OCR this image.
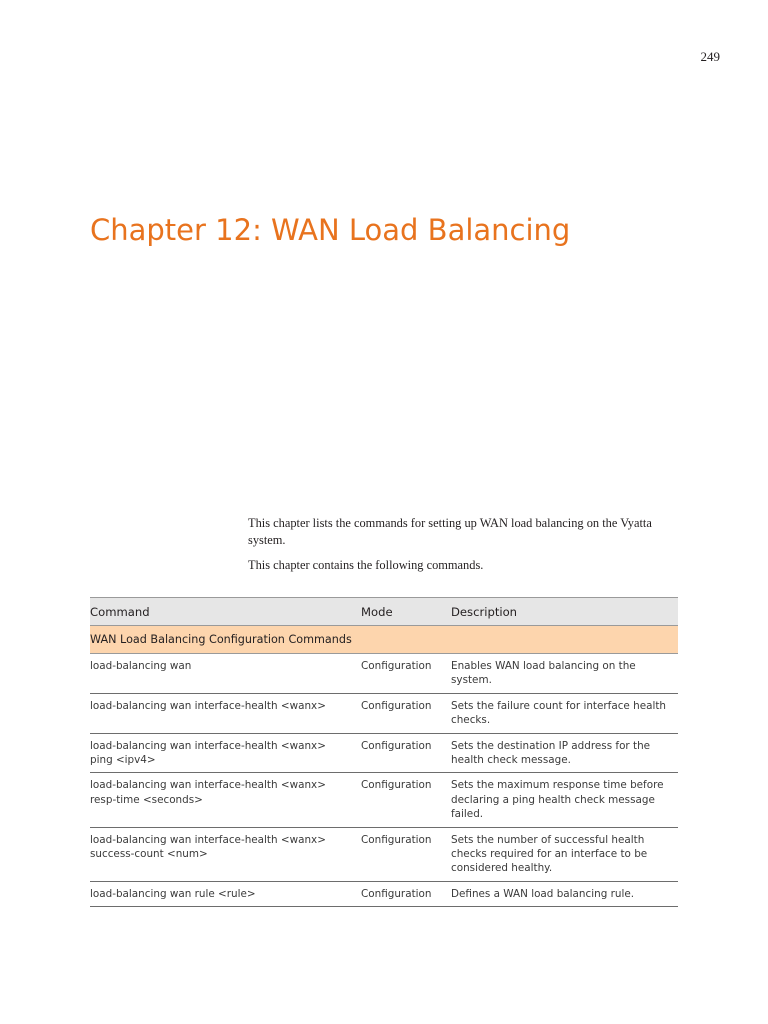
249
Chapter 12: WAN Load Balancing

This chapter lists the commands for setting up WAN load balancing on the Vyatta system.

This chapter contains the following commands.

Command	Mode	Description
WAN Load Balancing Configuration Commands		
load-balancing wan	Configuration	Enables WAN load balancing on the system.
load-balancing wan interface-health <wanx>	Configuration	Sets the failure count for interface health checks.
load-balancing wan interface-health <wanx> ping <ipv4>	Configuration	Sets the destination IP address for the health check message.
load-balancing wan interface-health <wanx> resp-time <seconds>	Configuration	Sets the maximum response time before declaring a ping health check message failed.
load-balancing wan interface-health <wanx> success-count <num>	Configuration	Sets the number of successful health checks required for an interface to be considered healthy.
load-balancing wan rule <rule>	Configuration	Defines a WAN load balancing rule.
